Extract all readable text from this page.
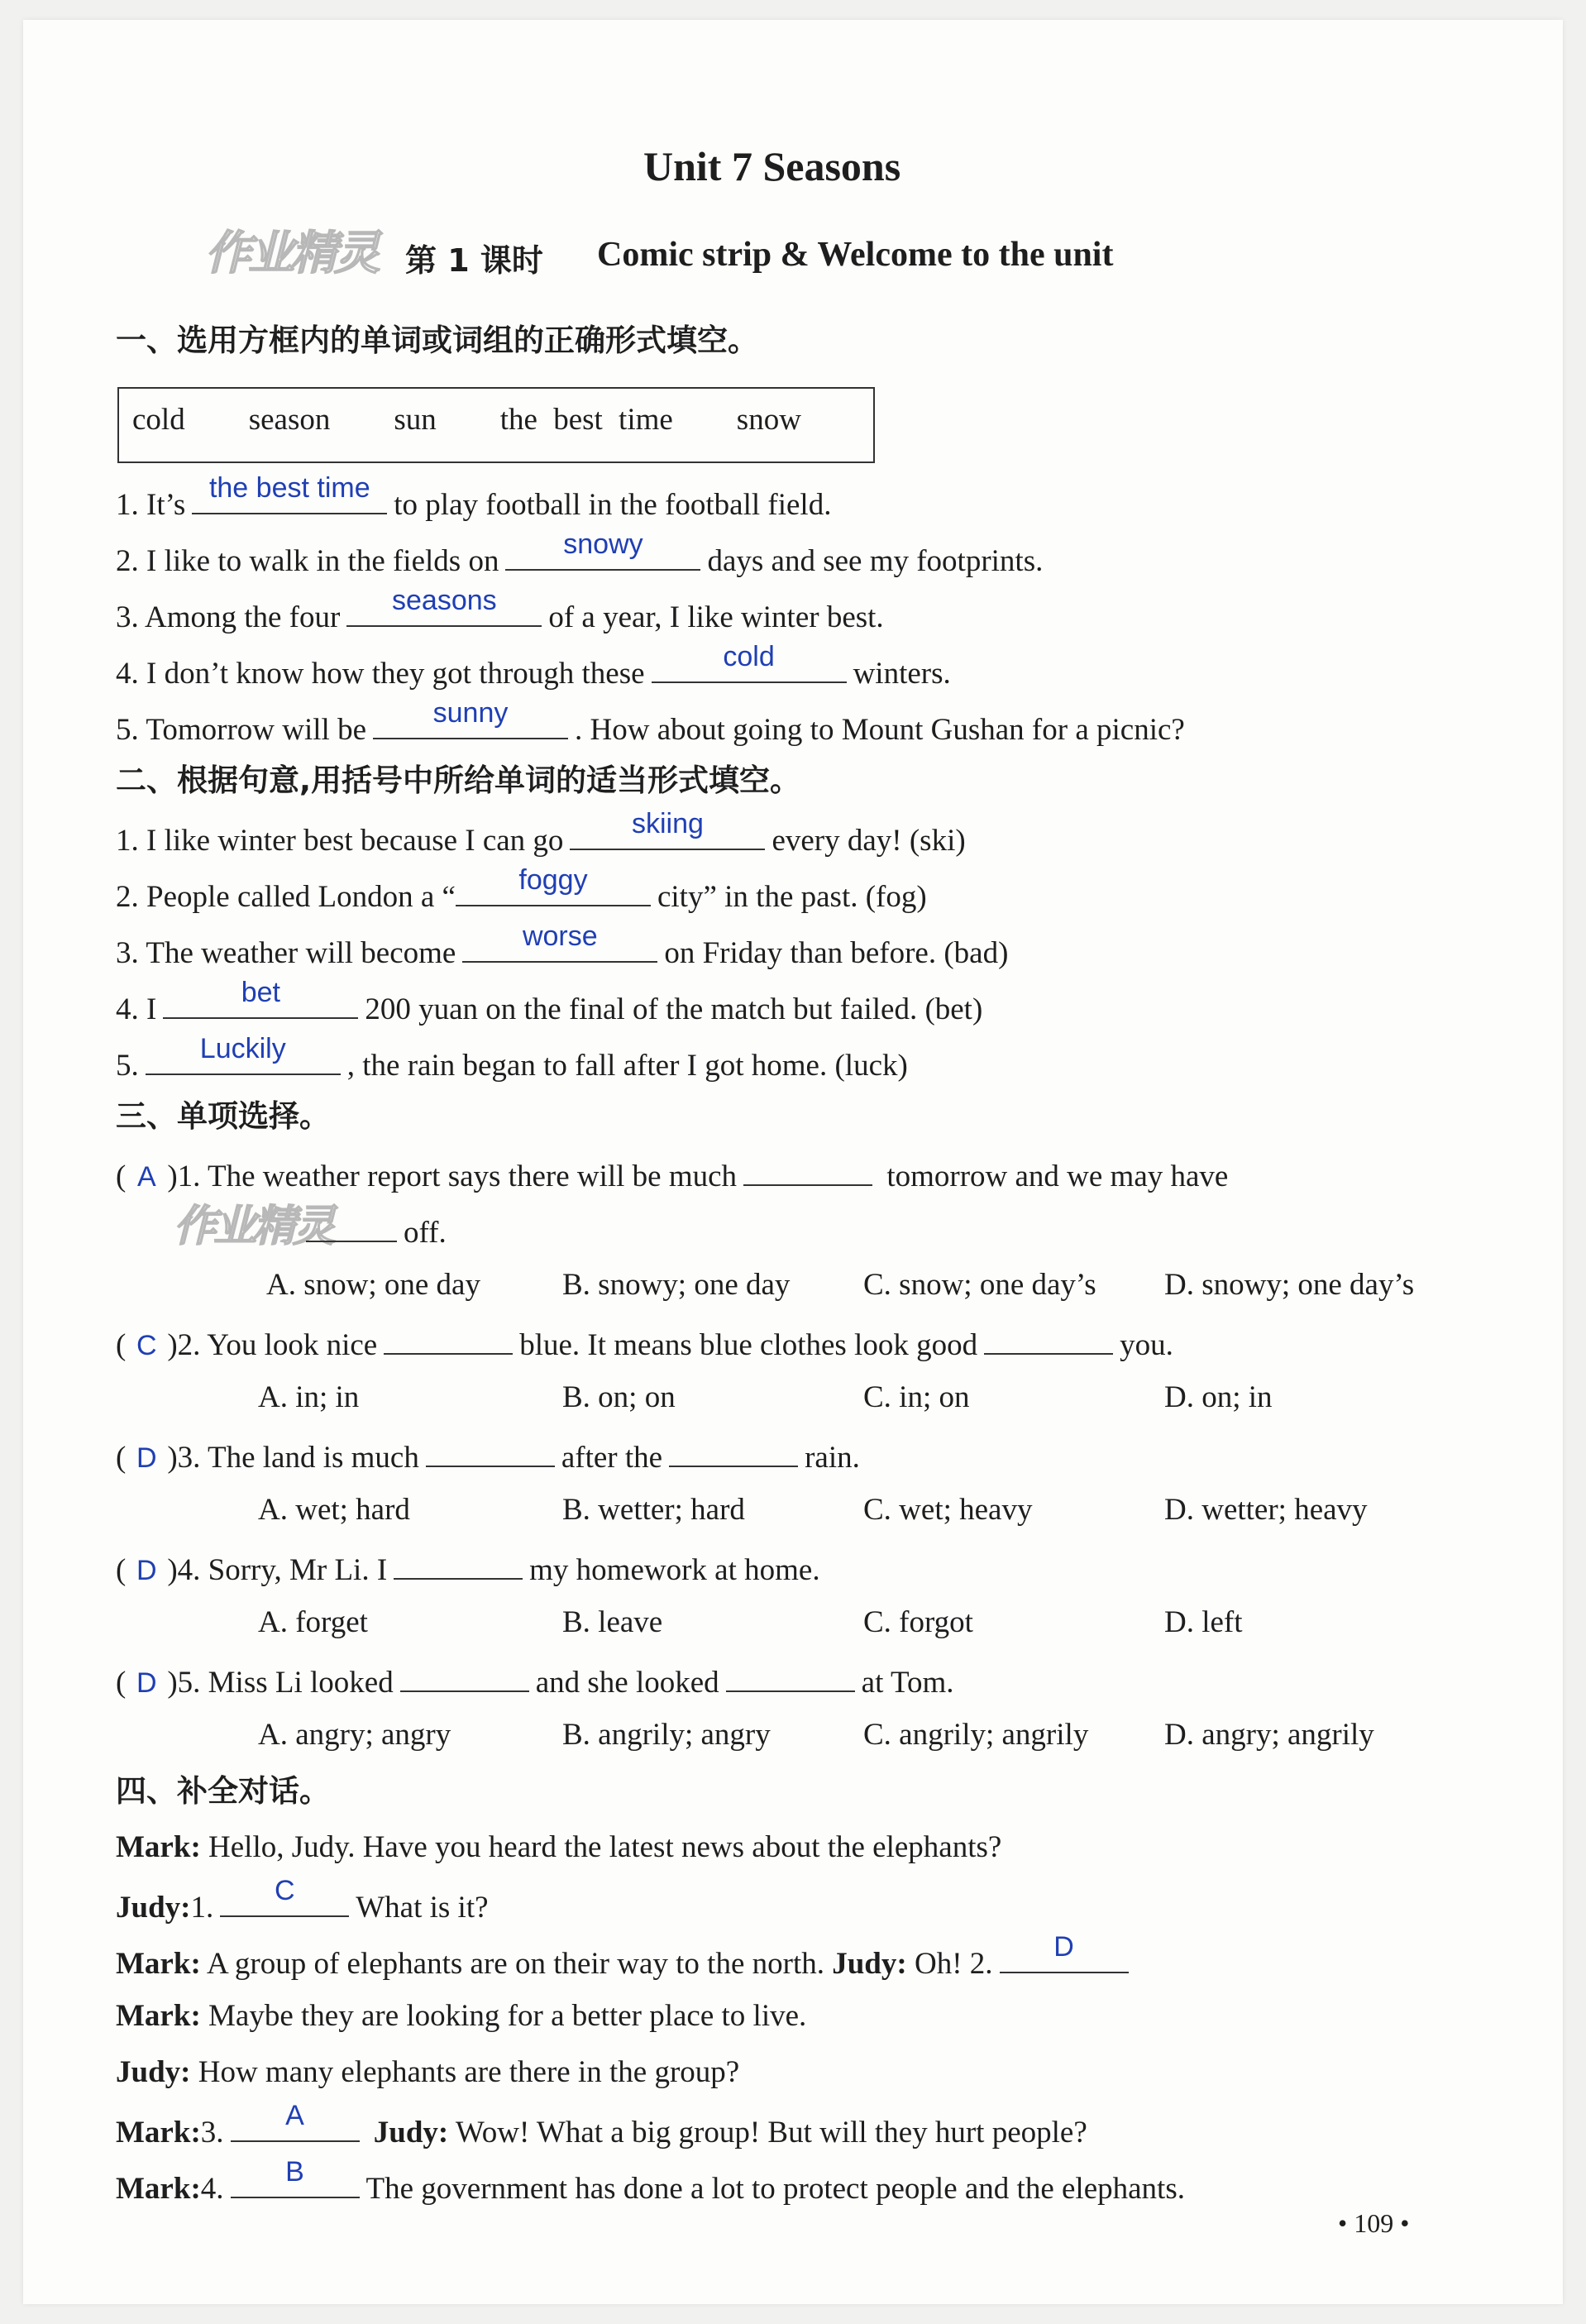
Unit 7 Seasons
作业精灵 第 1 课时 Comic strip & Welcome to the unit
一、选用方框内的单词或词组的正确形式填空。
cold    season    sun    the best time    snow
1. It’s the best time to play football in the football field.
2. I like to walk in the fields on	snowy	days and see my footprints.
3. Among the four	seasons	of a year, I like winter best.
4. I don’t know how they got through these	cold	winters.
5. Tomorrow will be	sunny	. How about going to Mount Gushan for a picnic?
二、根据句意,用括号中所给单词的适当形式填空。
1. I like winter best because I can go	skiing	every day! (ski)
2. People called London a “	foggy	city” in the past. (fog)
3. The weather will become	worse	on Friday than before. (bad)
4. I	bet	200 yuan on the final of the match but failed. (bet)
5.	Luckily	, the rain began to fall after I got home. (luck)
三、单项选择。
作业精灵
( A )1. The weather report says there will be much	tomorrow and we may have
off.
A. snow; one day	B. snowy; one day C. snow; one day’s D. snowy; one day’s
( C )2. You look nice	blue. It means blue clothes look good	you.
A. in; in	B. on; on	C. in; on	D. on; in
( D )3. The land is much	after the	rain.
A. wet; hard	B. wetter; hard	C. wet; heavy	D. wetter; heavy
( D )4. Sorry, Mr Li. I	my homework at home.
A. forget	B. leave	C. forgot	D. left
( D )5. Miss Li looked	and she looked	at Tom.
A. angry; angry	B. angrily; angry	C. angrily; angrily D. angry; angrily
四、补全对话。
Mark: Hello, Judy. Have you heard the latest news about the elephants?
Judy:1.	C	What is it?
Mark: A group of elephants are on their way to the north. Judy: Oh! 2.	D
Mark: Maybe they are looking for a better place to live.
Judy: How many elephants are there in the group?
Mark:3.	A	Judy: Wow! What a big group! But will they hurt people?
Mark:4.	B	The government has done a lot to protect people and the elephants.
• 109 •
